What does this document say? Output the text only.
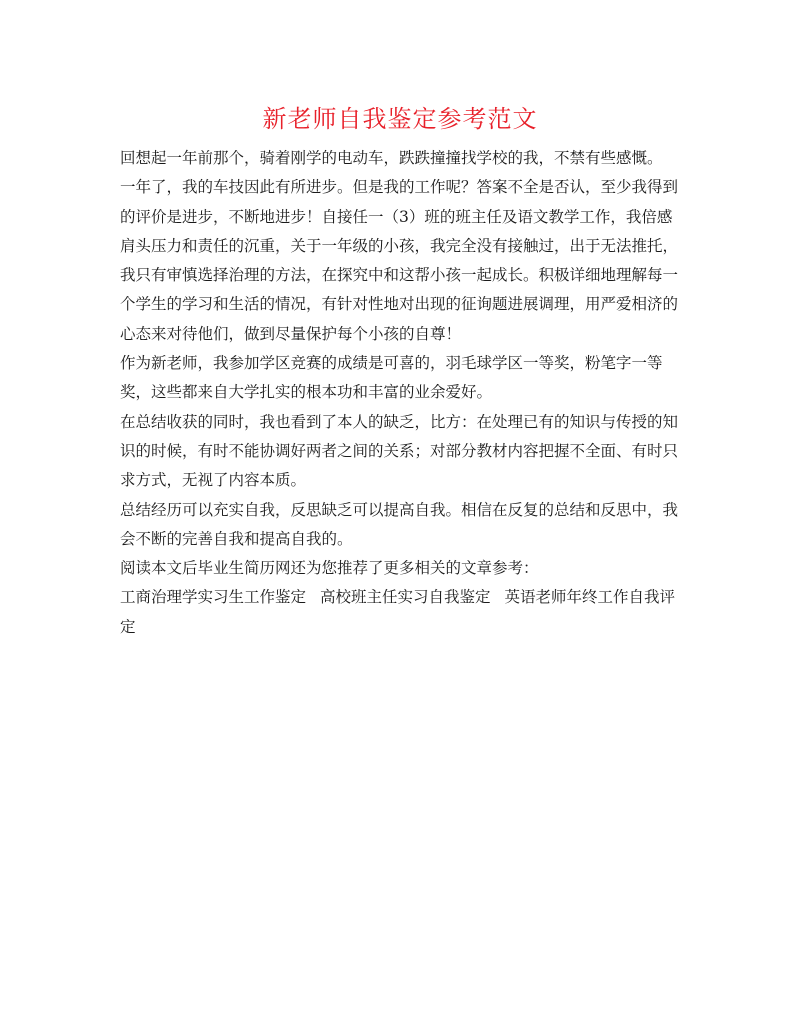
新老师自我鉴定参考范文

回想起一年前那个，骑着刚学的电动车，跌跌撞撞找学校的我，不禁有些感慨。

一年了，我的车技因此有所进步。但是我的工作呢？答案不全是否认，至少我得到的评价是进步，不断地进步！自接任一（3）班的班主任及语文教学工作，我倍感肩头压力和责任的沉重，关于一年级的小孩，我完全没有接触过，出于无法推托，我只有审慎选择治理的方法，在探究中和这帮小孩一起成长。积极详细地理解每一个学生的学习和生活的情况，有针对性地对出现的征询题进展调理，用严爱相济的心态来对待他们，做到尽量保护每个小孩的自尊！

作为新老师，我参加学区竞赛的成绩是可喜的，羽毛球学区一等奖，粉笔字一等奖，这些都来自大学扎实的根本功和丰富的业余爱好。

在总结收获的同时，我也看到了本人的缺乏，比方：在处理已有的知识与传授的知识的时候，有时不能协调好两者之间的关系；对部分教材内容把握不全面、有时只求方式，无视了内容本质。

总结经历可以充实自我，反思缺乏可以提高自我。相信在反复的总结和反思中，我会不断的完善自我和提高自我的。

阅读本文后毕业生简历网还为您推荐了更多相关的文章参考：

工商治理学实习生工作鉴定 高校班主任实习自我鉴定 英语老师年终工作自我评定
